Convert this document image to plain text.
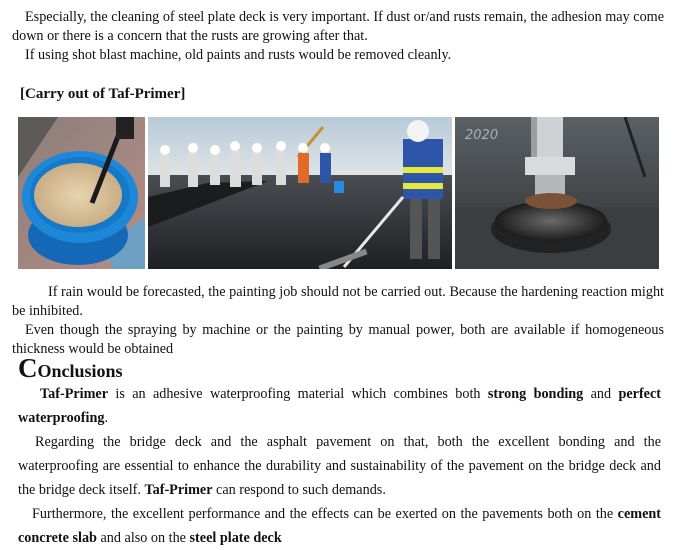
Especially, the cleaning of steel plate deck is very important. If dust or/and rusts remain, the adhesion may come down or there is a concern that the rusts are growing after that.

If using shot blast machine, old paints and rusts would be removed cleanly.

[Carry out of Taf-Primer]
2020

If rain would be forecasted, the painting job should not be carried out. Because the hardening reaction might be inhibited.

Even though the spraying by machine or the painting by manual power, both are available if homogeneous thickness would be obtained

COnclusions

Taf-Primer is an adhesive waterproofing material which combines both strong bonding and perfect waterproofing.

Regarding the bridge deck and the asphalt pavement on that, both the excellent bonding and the waterproofing are essential to enhance the durability and sustainability of the pavement on the bridge deck and the bridge deck itself. Taf-Primer can respond to such demands.

Furthermore, the excellent performance and the effects can be exerted on the pavements both on the cement concrete slab and also on the steel plate deck
